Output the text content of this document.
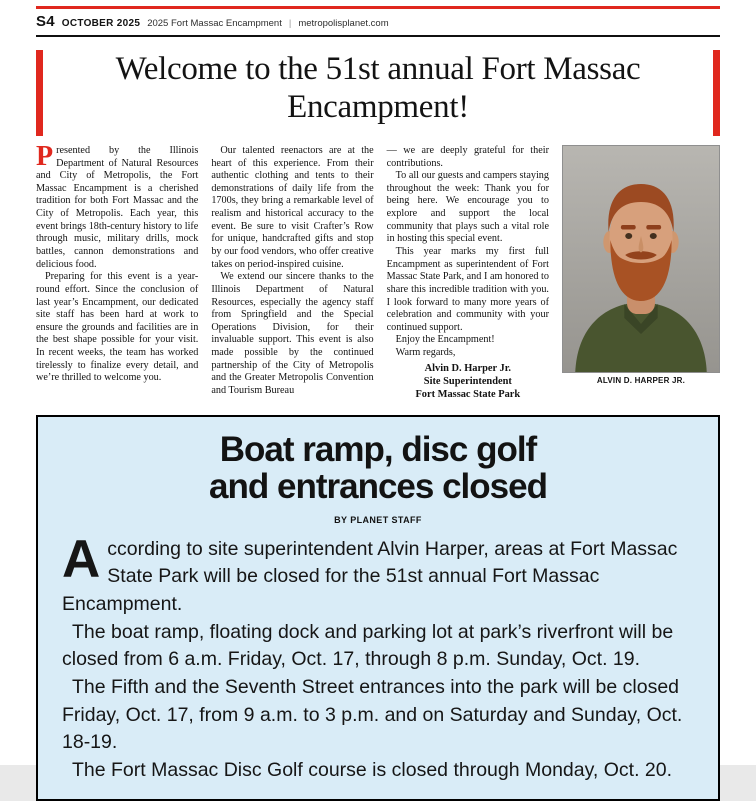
S4 OCTOBER 2025 2025 Fort Massac Encampment | metropolisplanet.com
Welcome to the 51st annual Fort Massac Encampment!

Presented by the Illinois Department of Natural Resources and City of Metropolis, the Fort Massac Encampment is a cherished tradition for both Fort Massac and the City of Metropolis. Each year, this event brings 18th-century history to life through music, military drills, mock battles, cannon demonstrations and delicious food.

Preparing for this event is a year-round effort. Since the conclusion of last year’s Encampment, our dedicated site staff has been hard at work to ensure the grounds and facilities are in the best shape possible for your visit. In recent weeks, the team has worked tirelessly to finalize every detail, and we’re thrilled to welcome you.

Our talented reenactors are at the heart of this experience. From their authentic clothing and tents to their demonstrations of daily life from the 1700s, they bring a remarkable level of realism and historical accuracy to the event. Be sure to visit Crafter’s Row for unique, handcrafted gifts and stop by our food vendors, who offer creative takes on period-inspired cuisine.

We extend our sincere thanks to the Illinois Department of Natural Resources, especially the agency staff from Springfield and the Special Operations Division, for their invaluable support. This event is also made possible by the continued partnership of the City of Metropolis and the Greater Metropolis Convention and Tourism Bureau

— we are deeply grateful for their contributions.

To all our guests and campers staying throughout the week: Thank you for being here. We encourage you to explore and support the local community that plays such a vital role in hosting this special event.

This year marks my first full Encampment as superintendent of Fort Massac State Park, and I am honored to share this incredible tradition with you. I look forward to many more years of celebration and community with your continued support.

Enjoy the Encampment!

Warm regards,

Alvin D. Harper Jr.
Site Superintendent
Fort Massac State Park
ALVIN D. HARPER JR.
Boat ramp, disc golf
and entrances closed
BY PLANET STAFF

According to site superintendent Alvin Harper, areas at Fort Massac State Park will be closed for the 51st annual Fort Massac Encampment.

The boat ramp, floating dock and parking lot at park’s riverfront will be closed from 6 a.m. Friday, Oct. 17, through 8 p.m. Sunday, Oct. 19.

The Fifth and the Seventh Street entrances into the park will be closed Friday, Oct. 17, from 9 a.m. to 3 p.m. and on Saturday and Sunday, Oct. 18-19.

The Fort Massac Disc Golf course is closed through Monday, Oct. 20.
